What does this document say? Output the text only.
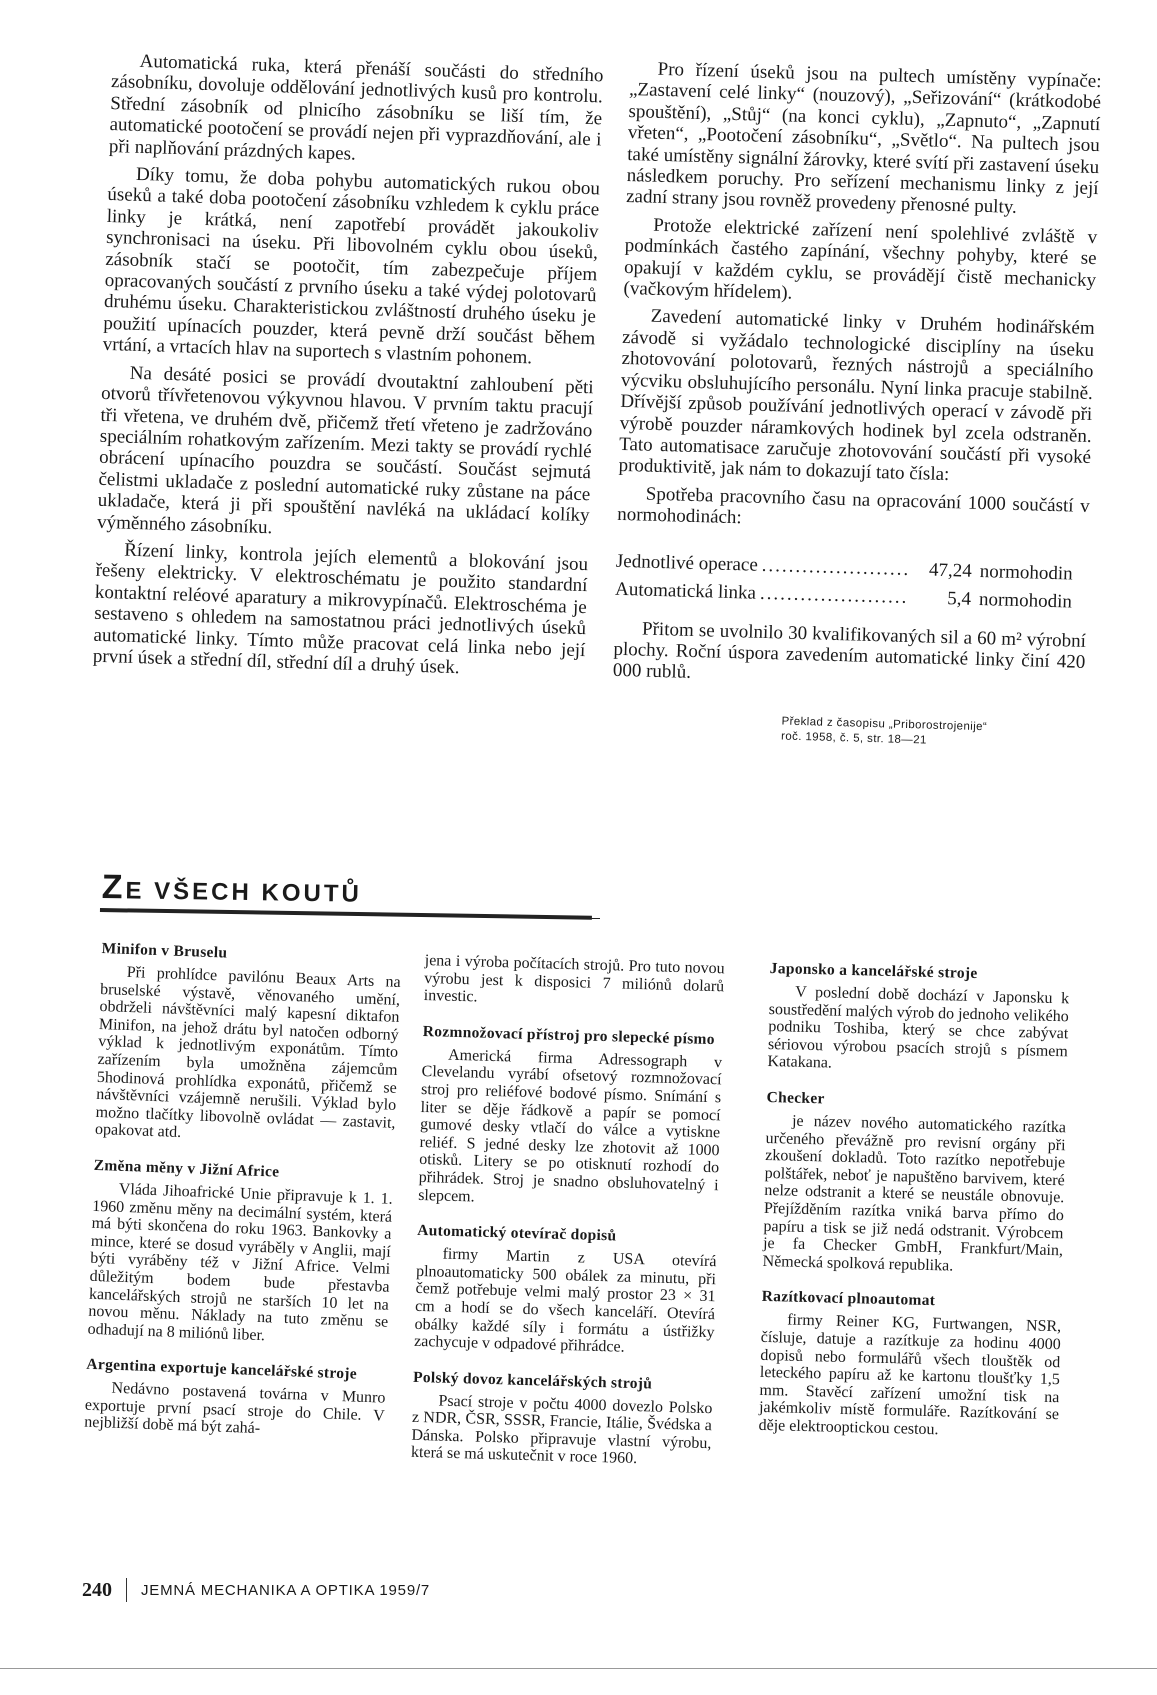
Automatická ruka, která přenáší součásti do středního zásobníku, dovoluje oddělování jednotlivých kusů pro kontrolu. Střední zásobník od plnicího zásobníku se liší tím, že automatické pootočení se provádí nejen při vyprazdňování, ale i při naplňování prázdných kapes.

Díky tomu, že doba pohybu automatických rukou obou úseků a také doba pootočení zásobníku vzhledem k cyklu práce linky je krátká, není zapotřebí provádět jakoukoliv synchronisaci na úseku. Při libovolném cyklu obou úseků, zásobník stačí se pootočit, tím zabezpečuje příjem opracovaných součástí z prvního úseku a také výdej polotovarů druhému úseku. Charakteristickou zvláštností druhého úseku je použití upínacích pouzder, která pevně drží součást během vrtání, a vrtacích hlav na suportech s vlastním pohonem.

Na desáté posici se provádí dvoutaktní zahloubení pěti otvorů třívřetenovou výkyvnou hlavou. V prvním taktu pracují tři vřetena, ve druhém dvě, přičemž třetí vřeteno je zadržováno speciálním rohatkovým zařízením. Mezi takty se provádí rychlé obrácení upínacího pouzdra se součástí. Součást sejmutá čelistmi ukladače z poslední automatické ruky zůstane na páce ukladače, která ji při spouštění navléká na ukládací kolíky výměnného zásobníku.

Řízení linky, kontrola jejích elementů a blokování jsou řešeny elektricky. V elektroschématu je použito standardní kontaktní reléové aparatury a mikrovypínačů. Elektroschéma je sestaveno s ohledem na samostatnou práci jednotlivých úseků automatické linky. Tímto může pracovat celá linka nebo její první úsek a střední díl, střední díl a druhý úsek.

Pro řízení úseků jsou na pultech umístěny vypínače: „Zastavení celé linky“ (nouzový), „Seřizování“ (krátkodobé spouštění), „Stůj“ (na konci cyklu), „Zapnuto“, „Zapnutí vřeten“, „Pootočení zásobníku“, „Světlo“. Na pultech jsou také umístěny signální žárovky, které svítí při zastavení úseku následkem poruchy. Pro seřízení mechanismu linky z její zadní strany jsou rovněž provedeny přenosné pulty.

Protože elektrické zařízení není spolehlivé zvláště v podmínkách častého zapínání, všechny pohyby, které se opakují v každém cyklu, se provádějí čistě mechanicky (vačkovým hřídelem).

Zavedení automatické linky v Druhém hodinářském závodě si vyžádalo technologické disciplíny na úseku zhotovování polotovarů, řezných nástrojů a speciálního výcviku obsluhujícího personálu. Nyní linka pracuje stabilně. Dřívější způsob používání jednotlivých operací v závodě při výrobě pouzder náramkových hodinek byl zcela odstraněn. Tato automatisace zaručuje zhotovování součástí při vysoké produktivitě, jak nám to dokazují tato čísla:

Spotřeba pracovního času na opracování 1000 součástí v normohodinách:

Jednotlivé operace .....	47,24 normohodin
Automatická linka .....	5,4 normohodin

Přitom se uvolnilo 30 kvalifikovaných sil a 60 m² výrobní plochy. Roční úspora zavedením automatické linky činí 420 000 rublů.

Překlad z časopisu „Priborostrojenije“
roč. 1958, č. 5, str. 18—21
ZE VŠECH KOUTŮ
Minifon v Bruselu

Při prohlídce pavilónu Beaux Arts na bruselské výstavě, věnovaného umění, obdrželi návštěvníci malý kapesní diktafon Minifon, na jehož drátu byl natočen odborný výklad k jednotlivým exponátům. Tímto zařízením byla umožněna zájemcům 5hodinová prohlídka exponátů, přičemž se návštěvníci vzájemně nerušili. Výklad bylo možno tlačítky libovolně ovládat — zastavit, opakovat atd.

Změna měny v Jižní Africe

Vláda Jihoafrické Unie připravuje k 1. 1. 1960 změnu měny na decimální systém, která má býti skončena do roku 1963. Bankovky a mince, které se dosud vyráběly v Anglii, mají býti vyráběny též v Jižní Africe. Velmi důležitým bodem bude přestavba kancelářských strojů ne starších 10 let na novou měnu. Náklady na tuto změnu se odhadují na 8 miliónů liber.

Argentina exportuje kancelářské stroje

Nedávno postavená továrna v Munro exportuje první psací stroje do Chile. V nejbližší době má být zahá-

jena i výroba počítacích strojů. Pro tuto novou výrobu jest k disposici 7 miliónů dolarů investic.

Rozmnožovací přístroj pro slepecké písmo

Americká firma Adressograph v Clevelandu vyrábí ofsetový rozmnožovací stroj pro reliéfové bodové písmo. Snímání s liter se děje řádkově a papír se pomocí gumové desky vtlačí do válce a vytiskne reliéf. S jedné desky lze zhotovit až 1000 otisků. Litery se po otisknutí rozhodí do přihrádek. Stroj je snadno obsluhovatelný i slepcem.

Automatický otevírač dopisů

firmy Martin z USA otevírá plnoautomaticky 500 obálek za minutu, při čemž potřebuje velmi malý prostor 23 × 31 cm a hodí se do všech kanceláří. Otevírá obálky každé síly i formátu a ústřižky zachycuje v odpadové přihrádce.

Polský dovoz kancelářských strojů

Psací stroje v počtu 4000 dovezlo Polsko z NDR, ČSR, SSSR, Francie, Itálie, Švédska a Dánska. Polsko připravuje vlastní výrobu, která se má uskutečnit v roce 1960.

Japonsko a kancelářské stroje

V poslední době dochází v Japonsku k soustředění malých výrob do jednoho velikého podniku Toshiba, který se chce zabývat sériovou výrobou psacích strojů s písmem Katakana.

Checker

je název nového automatického razítka určeného převážně pro revisní orgány při zkoušení dokladů. Toto razítko nepotřebuje polštářek, neboť je napuštěno barvivem, které nelze odstranit a které se neustále obnovuje. Přejížděním razítka vniká barva přímo do papíru a tisk se již nedá odstranit. Výrobcem je fa Checker GmbH, Frankfurt/Main, Německá spolková republika.

Razítkovací plnoautomat

firmy Reiner KG, Furtwangen, NSR, čísluje, datuje a razítkuje za hodinu 4000 dopisů nebo formulářů všech tlouštěk od leteckého papíru až ke kartonu tloušťky 1,5 mm. Stavěcí zařízení umožní tisk na jakémkoliv místě formuláře. Razítkování se děje elektrooptickou cestou.

240 JEMNÁ MECHANIKA A OPTIKA 1959/7
